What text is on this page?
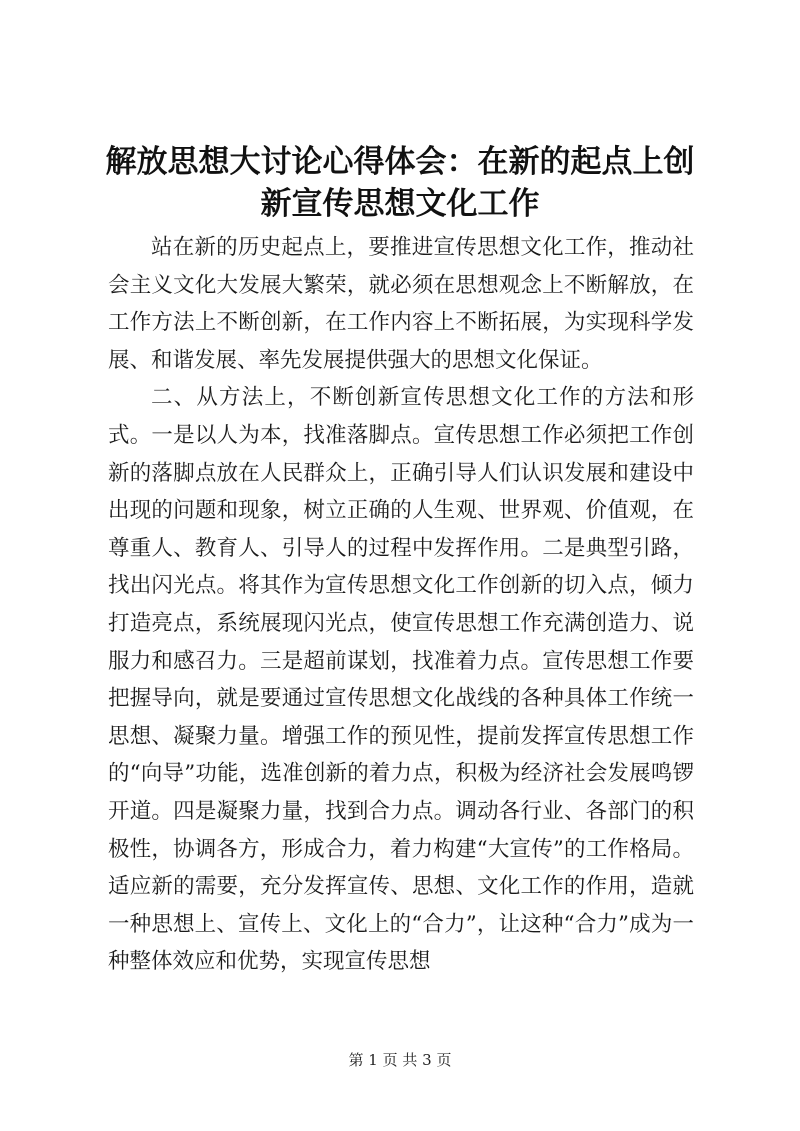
解放思想大讨论心得体会：在新的起点上创新宣传思想文化工作

站在新的历史起点上，要推进宣传思想文化工作，推动社会主义文化大发展大繁荣，就必须在思想观念上不断解放，在工作方法上不断创新，在工作内容上不断拓展，为实现科学发展、和谐发展、率先发展提供强大的思想文化保证。

二、从方法上，不断创新宣传思想文化工作的方法和形式。一是以人为本，找准落脚点。宣传思想工作必须把工作创新的落脚点放在人民群众上，正确引导人们认识发展和建设中出现的问题和现象，树立正确的人生观、世界观、价值观，在尊重人、教育人、引导人的过程中发挥作用。二是典型引路，找出闪光点。将其作为宣传思想文化工作创新的切入点，倾力打造亮点，系统展现闪光点，使宣传思想工作充满创造力、说服力和感召力。三是超前谋划，找准着力点。宣传思想工作要把握导向，就是要通过宣传思想文化战线的各种具体工作统一思想、凝聚力量。增强工作的预见性，提前发挥宣传思想工作的“向导”功能，选准创新的着力点，积极为经济社会发展鸣锣开道。四是凝聚力量，找到合力点。调动各行业、各部门的积极性，协调各方，形成合力，着力构建“大宣传”的工作格局。适应新的需要，充分发挥宣传、思想、文化工作的作用，造就一种思想上、宣传上、文化上的“合力”，让这种“合力”成为一种整体效应和优势，实现宣传思想

第 1 页 共 3 页
